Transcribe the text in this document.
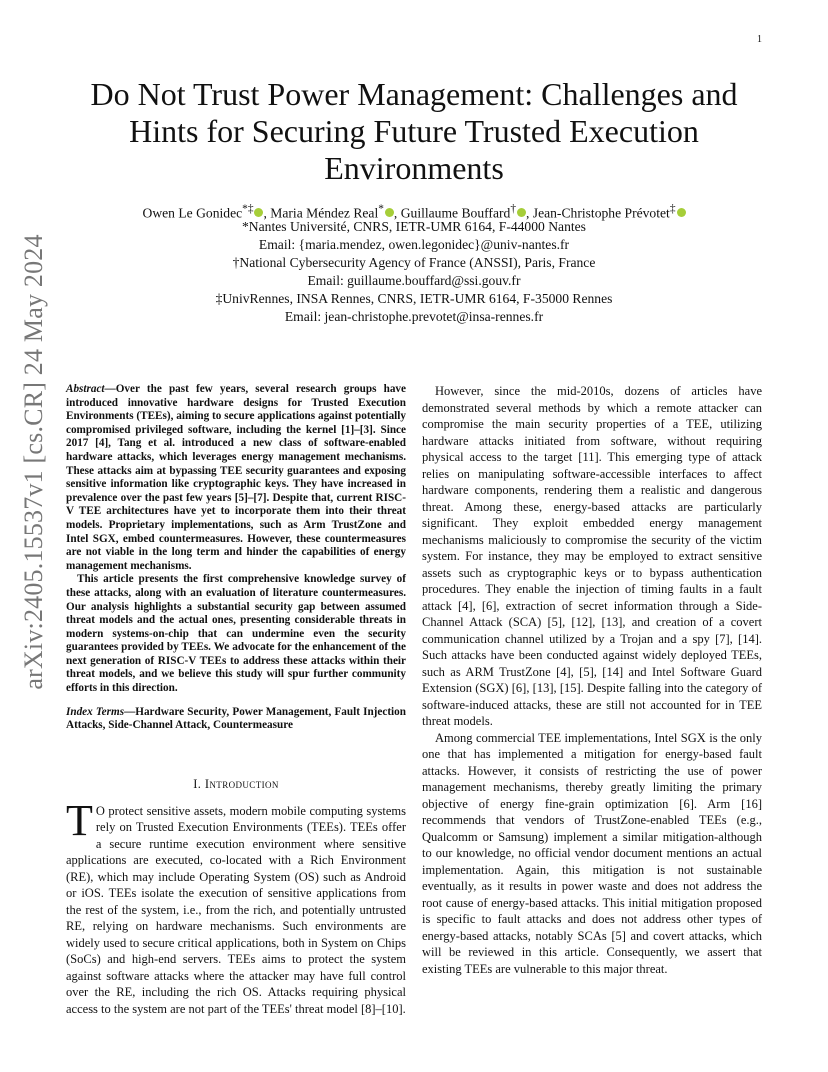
1
arXiv:2405.15537v1 [cs.CR] 24 May 2024
Do Not Trust Power Management: Challenges and Hints for Securing Future Trusted Execution Environments
Owen Le Gonidec*‡ , Maria Méndez Real* , Guillaume Bouffard† , Jean-Christophe Prévotet‡
*Nantes Université, CNRS, IETR-UMR 6164, F-44000 Nantes
Email: {maria.mendez, owen.legonidec}@univ-nantes.fr
†National Cybersecurity Agency of France (ANSSI), Paris, France
Email: guillaume.bouffard@ssi.gouv.fr
‡UnivRennes, INSA Rennes, CNRS, IETR-UMR 6164, F-35000 Rennes
Email: jean-christophe.prevotet@insa-rennes.fr

Abstract—Over the past few years, several research groups have introduced innovative hardware designs for Trusted Execution Environments (TEEs), aiming to secure applications against potentially compromised privileged software, including the kernel [1]–[3]. Since 2017 [4], Tang et al. introduced a new class of software-enabled hardware attacks, which leverages energy management mechanisms. These attacks aim at bypassing TEE security guarantees and exposing sensitive information like cryptographic keys. They have increased in prevalence over the past few years [5]–[7]. Despite that, current RISC-V TEE architectures have yet to incorporate them into their threat models. Proprietary implementations, such as Arm TrustZone and Intel SGX, embed countermeasures. However, these countermeasures are not viable in the long term and hinder the capabilities of energy management mechanisms.

This article presents the first comprehensive knowledge survey of these attacks, along with an evaluation of literature countermeasures. Our analysis highlights a substantial security gap between assumed threat models and the actual ones, presenting considerable threats in modern systems-on-chip that can undermine even the security guarantees provided by TEEs. We advocate for the enhancement of the next generation of RISC-V TEEs to address these attacks within their threat models, and we believe this study will spur further community efforts in this direction.

Index Terms—Hardware Security, Power Management, Fault Injection Attacks, Side-Channel Attack, Countermeasure
I. Introduction

T O protect sensitive assets, modern mobile computing systems rely on Trusted Execution Environments (TEEs). TEEs offer a secure runtime execution environment where sensitive applications are executed, co-located with a Rich Environment (RE), which may include Operating System (OS) such as Android or iOS. TEEs isolate the execution of sensitive applications from the rest of the system, i.e., from the rich, and potentially untrusted RE, relying on hardware mechanisms. Such environments are widely used to secure critical applications, both in System on Chips (SoCs) and high-end servers. TEEs aims to protect the system against software attacks where the attacker may have full control over the RE, including the rich OS. Attacks requiring physical access to the system are not part of the TEEs' threat model [8]–[10].

However, since the mid-2010s, dozens of articles have demonstrated several methods by which a remote attacker can compromise the main security properties of a TEE, utilizing hardware attacks initiated from software, without requiring physical access to the target [11]. This emerging type of attack relies on manipulating software-accessible interfaces to affect hardware components, rendering them a realistic and dangerous threat. Among these, energy-based attacks are particularly significant. They exploit embedded energy management mechanisms maliciously to compromise the security of the victim system. For instance, they may be employed to extract sensitive assets such as cryptographic keys or to bypass authentication procedures. They enable the injection of timing faults in a fault attack [4], [6], extraction of secret information through a Side-Channel Attack (SCA) [5], [12], [13], and creation of a covert communication channel utilized by a Trojan and a spy [7], [14]. Such attacks have been conducted against widely deployed TEEs, such as ARM TrustZone [4], [5], [14] and Intel Software Guard Extension (SGX) [6], [13], [15]. Despite falling into the category of software-induced attacks, these are still not accounted for in TEE threat models.

Among commercial TEE implementations, Intel SGX is the only one that has implemented a mitigation for energy-based fault attacks. However, it consists of restricting the use of power management mechanisms, thereby greatly limiting the primary objective of energy fine-grain optimization [6]. Arm [16] recommends that vendors of TrustZone-enabled TEEs (e.g., Qualcomm or Samsung) implement a similar mitigation-although to our knowledge, no official vendor document mentions an actual implementation. Again, this mitigation is not sustainable eventually, as it results in power waste and does not address the root cause of energy-based attacks. This initial mitigation proposed is specific to fault attacks and does not address other types of energy-based attacks, notably SCAs [5] and covert attacks, which will be reviewed in this article. Consequently, we assert that existing TEEs are vulnerable to this major threat.
